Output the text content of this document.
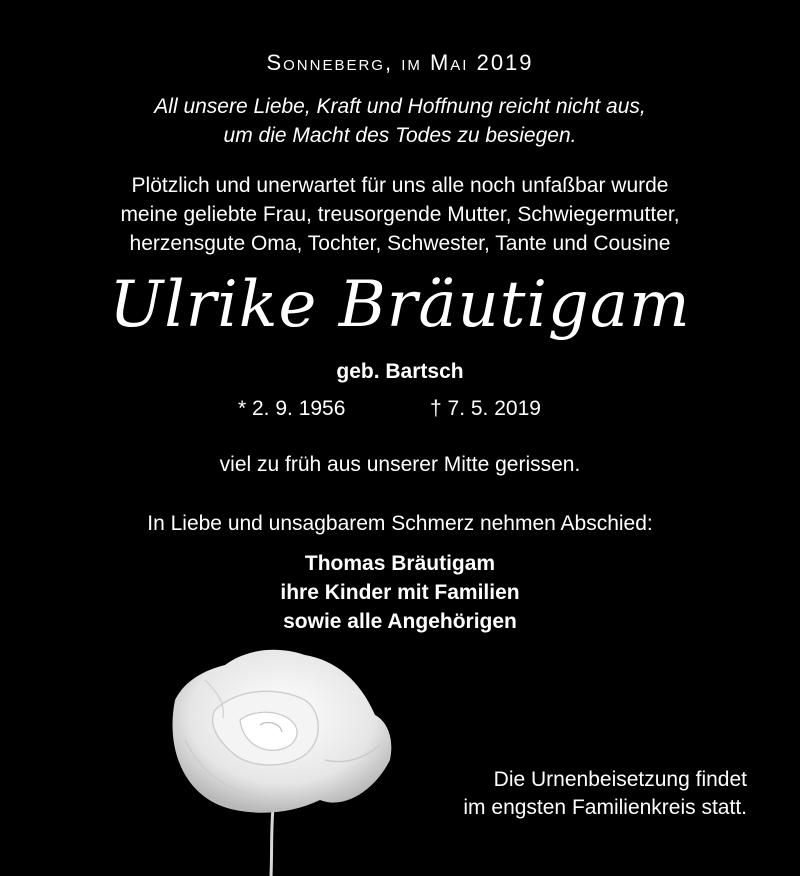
Sonneberg, im Mai 2019
All unsere Liebe, Kraft und Hoffnung reicht nicht aus,
um die Macht des Todes zu besiegen.
Plötzlich und unerwartet für uns alle noch unfaßbar wurde
meine geliebte Frau, treusorgende Mutter, Schwiegermutter,
herzensgute Oma, Tochter, Schwester, Tante und Cousine
Ulrike Bräutigam
geb. Bartsch
* 2. 9. 1956	† 7. 5. 2019
viel zu früh aus unserer Mitte gerissen.
In Liebe und unsagbarem Schmerz nehmen Abschied:
Thomas Bräutigam
ihre Kinder mit Familien
sowie alle Angehörigen
Die Urnenbeisetzung findet
im engsten Familienkreis statt.
